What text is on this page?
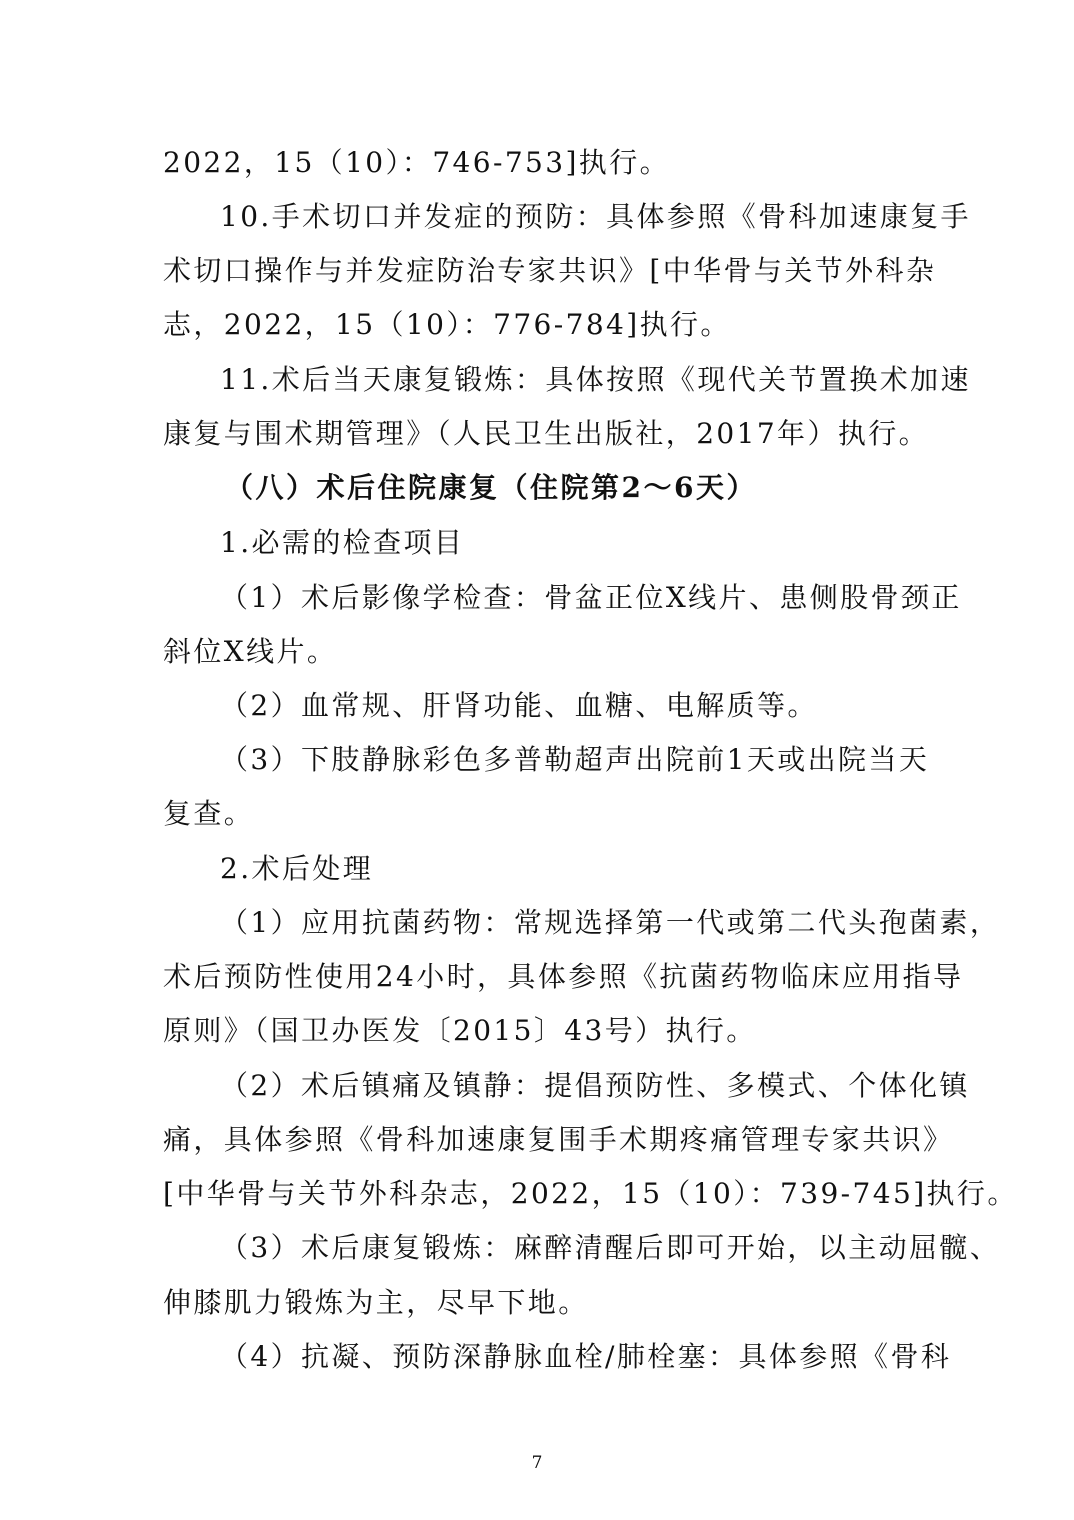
2022，15（10）：746-753]执行。
10.手术切口并发症的预防：具体参照《骨科加速康复手
术切口操作与并发症防治专家共识》[中华骨与关节外科杂
志，2022，15（10）：776-784]执行。
11.术后当天康复锻炼：具体按照《现代关节置换术加速
康复与围术期管理》（人民卫生出版社，2017年）执行。
（八）术后住院康复（住院第2～6天）
1.必需的检查项目
（1）术后影像学检查：骨盆正位X线片、患侧股骨颈正
斜位X线片。
（2）血常规、肝肾功能、血糖、电解质等。
（3）下肢静脉彩色多普勒超声出院前1天或出院当天
复查。
2.术后处理
（1）应用抗菌药物：常规选择第一代或第二代头孢菌素，
术后预防性使用24小时，具体参照《抗菌药物临床应用指导
原则》（国卫办医发〔2015〕43号）执行。
（2）术后镇痛及镇静：提倡预防性、多模式、个体化镇
痛，具体参照《骨科加速康复围手术期疼痛管理专家共识》
[中华骨与关节外科杂志，2022，15（10）：739-745]执行。
（3）术后康复锻炼：麻醉清醒后即可开始，以主动屈髋、
伸膝肌力锻炼为主，尽早下地。
（4）抗凝、预防深静脉血栓/肺栓塞：具体参照《骨科
7
